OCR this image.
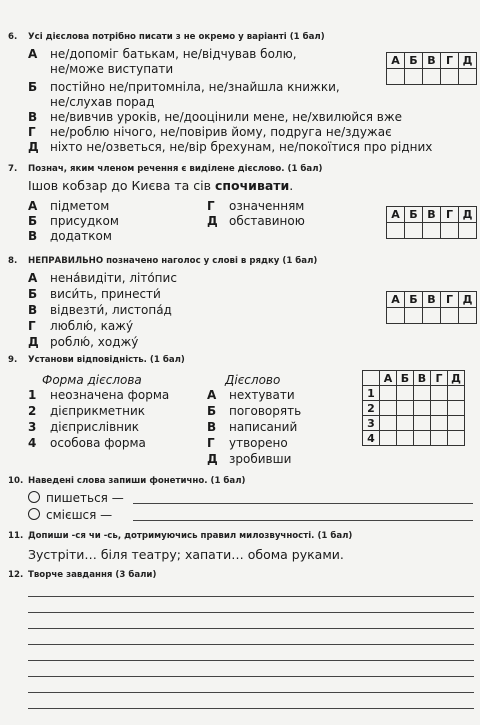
6. Усі дієслова потрібно писати з не окремо у варіанті (1 бал)
А не/допоміг батькам, не/відчував болю,
не/може виступати
Б постійно не/притомніла, не/знайшла книжки,
не/слухав порад
В не/вивчив уроків, не/дооцінили мене, не/хвилюйся вже
Г не/роблю нічого, не/повірив йому, подруга не/здужає
Д ніхто не/озветься, не/вір брехунам, не/покоїтися про рідних
А	Б	В	Г	Д

7. Познач, яким членом речення є виділене дієслово. (1 бал)
Ішов кобзар до Києва та сів спочивати.
А підметом
Б присудком
В додатком
Г означенням
Д обставиною	А	Б	В	Г	Д

8. НЕПРАВИЛЬНО позначено наголос у слові в рядку (1 бал)
А нена́видіти, літо́пис
Б виси́ть, принести́
В відвезти́, листопа́д
Г люблю́, кажу́
Д роблю́, ходжу́
А	Б	В	Г	Д

9. Установи відповідність. (1 бал)
Форма дієслова	Дієслово
1 неозначена форма
2 дієприкметник
3 дієприслівник
4 особова форма
А нехтувати
Б поговорять
В написаний
Г утворено
Д зробивши
	А	Б	В	Г	Д
1					
2					
3					
4					
10. Наведені слова запиши фонетично. (1 бал)
пишеться —
смієшся —
11. Допиши -ся чи -сь, дотримуючись правил милозвучності. (1 бал)
Зустріти… біля театру; хапати… обома руками.
12. Творче завдання (3 бали)
